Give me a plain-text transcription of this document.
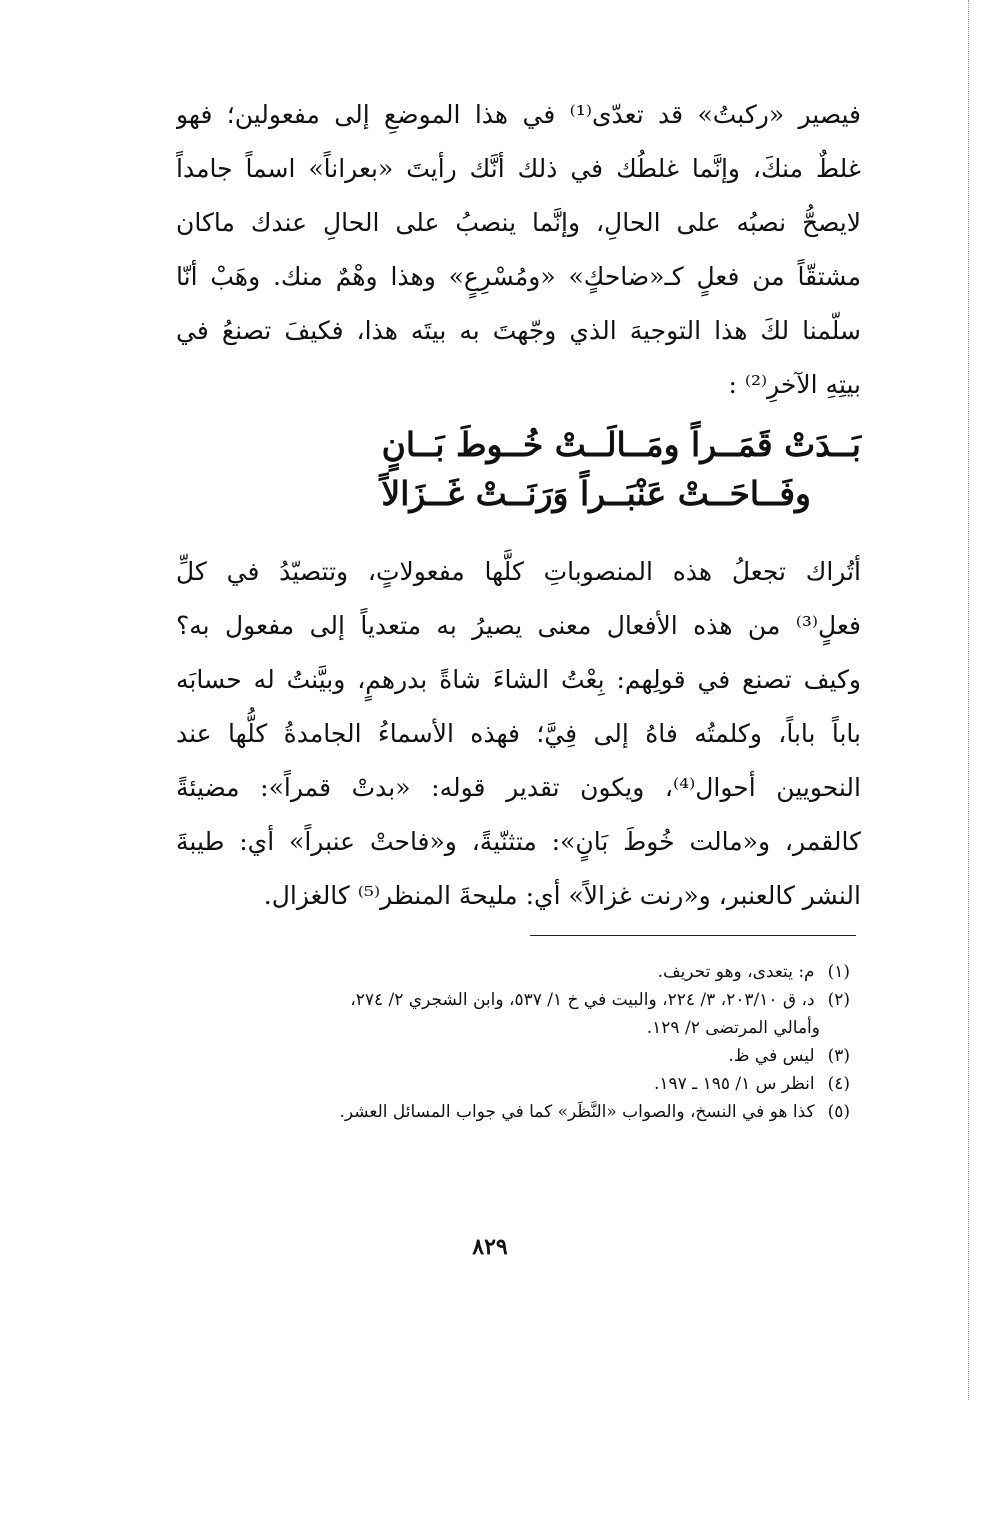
فيصير «ركبتُ» قد تعدّى⁽¹⁾ في هذا الموضعِ إلى مفعولين؛ فهو
غلطٌ منكَ، وإنَّما غلطُك في ذلك أنَّك رأيتَ «بعراناً» اسماً جامداً
لايصحُّ نصبُه على الحالِ، وإنَّما ينصبُ على الحالِ عندك ماكان
مشتقّاً من فعلٍ كـ«ضاحكٍ» «ومُسْرِعٍ» وهذا وهْمٌ منك. وهَبْ أنّا
سلّمنا لكَ هذا التوجيهَ الذي وجّهتَ به بيتَه هذا، فكيفَ تصنعُ في
بيتِهِ الآخرِ⁽²⁾ :
بَــدَتْ قَمَــراً ومَــالَــتْ خُــوطَ بَــانٍ
وفَــاحَــتْ عَنْبَــراً وَرَنَــتْ غَــزَالاً
أتُراك تجعلُ هذه المنصوباتِ كلَّها مفعولاتٍ، وتتصيّدُ في كلِّ
فعلٍ⁽³⁾ من هذه الأفعال معنى يصيرُ به متعدياً إلى مفعول به؟
وكيف تصنع في قولِهم: بِعْتُ الشاءَ شاةً بدرهمٍ، وبيَّنتُ له حسابَه
باباً باباً، وكلمتُه فاهُ إلى فِيَّ؛ فهذه الأسماءُ الجامدةُ كلُّها عند
النحويين أحوال⁽⁴⁾، ويكون تقدير قوله: «بدتْ قمراً»: مضيئةً
كالقمر، و«مالت خُوطَ بَانٍ»: متثنّيةً، و«فاحتْ عنبراً» أي: طيبةَ
النشر كالعنبر، و«رنت غزالاً» أي: مليحةَ المنظر⁽⁵⁾ كالغزال.
(١) م: يتعدى، وهو تحريف.
(٢) د، ق ٢٠٣/١٠، ٣/ ٢٢٤، والبيت في خ ١/ ٥٣٧، وابن الشجري ٢/ ٢٧٤،
وأمالي المرتضى ٢/ ١٢٩.
(٣) ليس في ظ.
(٤) انظر س ١/ ١٩٥ ـ ١٩٧.
(٥) كذا هو في النسخ، والصواب «النَّظَر» كما في جواب المسائل العشر.
٨٢٩
